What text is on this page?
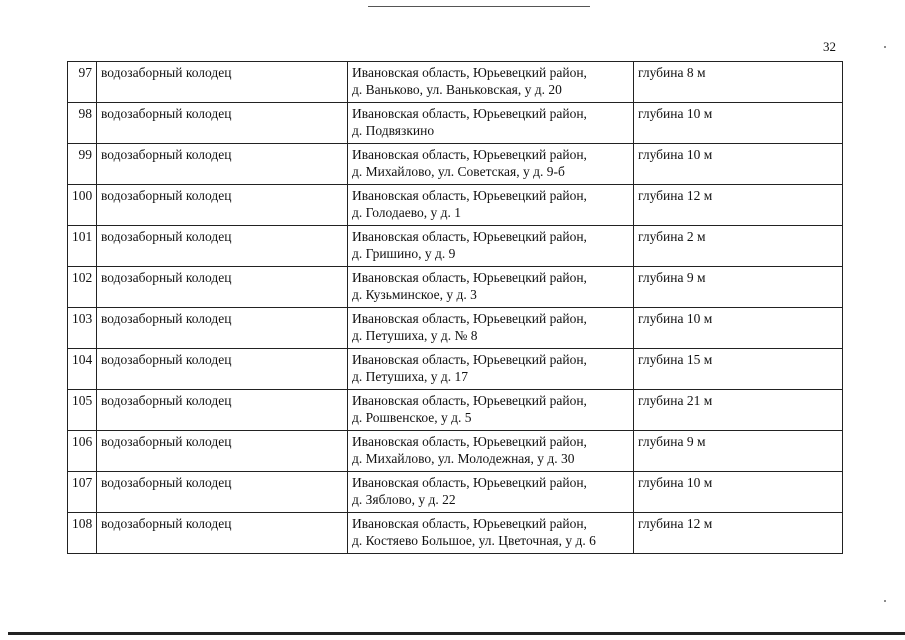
32
97	водозаборный колодец	Ивановская область, Юрьевецкий район,
д. Ваньково, ул. Ваньковская, у д. 20	глубина 8 м
98	водозаборный колодец	Ивановская область, Юрьевецкий район,
д. Подвязкино	глубина 10 м
99	водозаборный колодец	Ивановская область, Юрьевецкий район,
д. Михайлово, ул. Советская, у д. 9-б	глубина 10 м
100	водозаборный колодец	Ивановская область, Юрьевецкий район,
д. Голодаево, у д. 1	глубина 12 м
101	водозаборный колодец	Ивановская область, Юрьевецкий район,
д. Гришино, у д. 9	глубина 2 м
102	водозаборный колодец	Ивановская область, Юрьевецкий район,
д. Кузьминское, у д. 3	глубина 9 м
103	водозаборный колодец	Ивановская область, Юрьевецкий район,
д. Петушиха, у д. № 8	глубина 10 м
104	водозаборный колодец	Ивановская область, Юрьевецкий район,
д. Петушиха, у д. 17	глубина 15 м
105	водозаборный колодец	Ивановская область, Юрьевецкий район,
д. Рошвенское, у д. 5	глубина 21 м
106	водозаборный колодец	Ивановская область, Юрьевецкий район,
д. Михайлово, ул. Молодежная, у д. 30	глубина 9 м
107	водозаборный колодец	Ивановская область, Юрьевецкий район,
д. Зяблово, у д. 22	глубина 10 м
108	водозаборный колодец	Ивановская область, Юрьевецкий район,
д. Костяево Большое, ул. Цветочная, у д. 6	глубина 12 м
